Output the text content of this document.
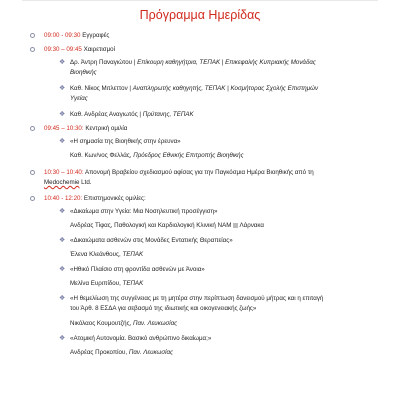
Πρόγραμμα Ημερίδας
09:00 - 09:30 Εγγραφές
09:30 – 09:45 Χαιρετισμοί
❖ Δρ. Άντρη Παναγιώτου | Επίκουρη καθηγήτρια, ΤΕΠΑΚ | Επικεφαλής Κυπριακής Μονάδας
Βιοηθικής
❖ Καθ. Νίκος Μιτλεττον | Αναπληρωτής καθηγητής, ΤΕΠΑΚ | Κοσμήτορας Σχολής Επιστημών
Υγείας
❖ Καθ. Ανδρέας Αναγιωτός | Πρύτανης, ΤΕΠΑΚ
09:45 – 10:30: Κεντρική ομιλία
❖ «Η σημασία της Βιοηθικής στην έρευνα»
Καθ. Κων/νος Φελλάς, Πρόεδρος Εθνικής Επιτροπής Βιοηθικής
10:30 – 10:40: Απονομή Βραβείου σχεδιασμού αφίσας για την Παγκόσμια Ημέρα Βιοηθικής από τη
Medochemie Ltd.
10:40 - 12:20: Επιστημονικές ομιλίες:
❖ «Δικαίωμα στην Υγεία: Μια Νοσηλευτική προσέγγιση»
Ανδρέας Τίφας, Παθολογική και Καρδιολογική Κλινική ΝΑΜ Λάρνακα
❖ «Δικαιώματα ασθενών στις Μονάδες Εντατικής Θεραπείας»
Έλενα Κλεάνθους, ΤΕΠΑΚ
❖ «Ηθικό Πλαίσιο στη φροντίδα ασθενών με Άνοια»
Μελίνα Ευριπίδου, ΤΕΠΑΚ
❖ «Η θεμελίωση της συγγένειας με τη μητέρα στην περίπτωση δανεισμού μήτρας και η επιταγή
του Άρθ. 8 ΕΣΔΑ για σεβασμό της ιδιωτικής και οικογενειακής ζωής»
Νικόλαος Κουμουτζής, Παν. Λευκωσίας
❖ «Ατομική Αυτονομία. Βασικό ανθρώπινο δικαίωμα;»
Ανδρέας Προκοπίου, Παν. Λευκωσίας
